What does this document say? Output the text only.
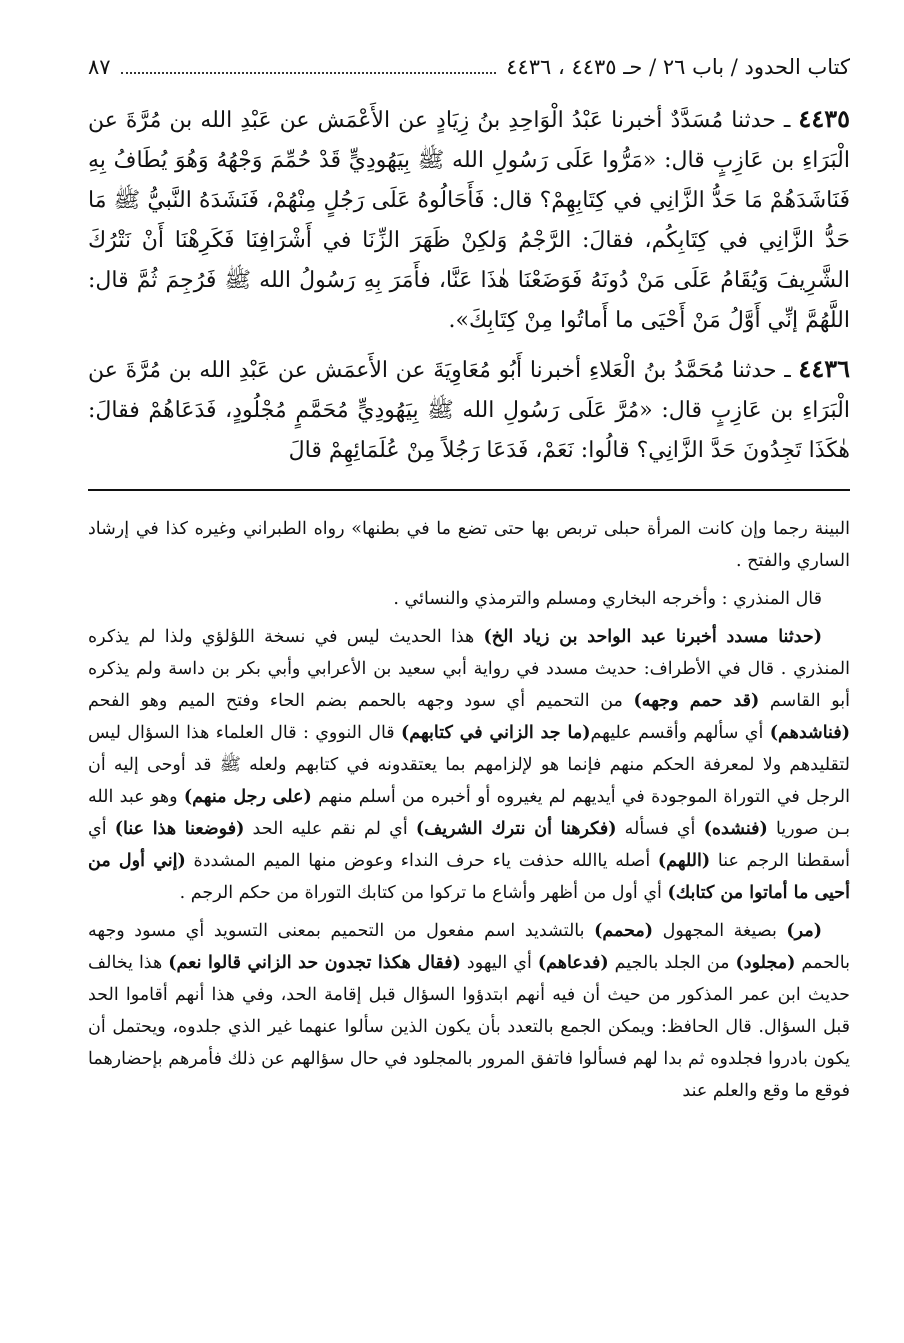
كتاب الحدود / باب ٢٦ / حـ ٤٤٣٥ ، ٤٤٣٦
٨٧

٤٤٣٥ ـ حدثنا مُسَدَّدٌ أخبرنا عَبْدُ الْوَاحِدِ بنُ زِيَادٍ عن الأَعْمَش عن عَبْدِ الله بن مُرَّةَ عن الْبَرَاءِ بن عَازِبٍ قال: «مَرُّوا عَلَى رَسُولِ الله ﷺ بِيَهُودِيٍّ قَدْ حُمِّمَ وَجْهُهُ وَهُوَ يُطَافُ بِهِ فَنَاشَدَهُمْ مَا حَدُّ الزَّانِي في كِتَابِهِمْ؟ قال: فَأَحَالُوهُ عَلَى رَجُلٍ مِنْهُمْ، فَنَشَدَهُ النَّبيُّ ﷺ مَا حَدُّ الزَّانِي في كِتَابِكُم، فقالَ: الرَّجْمُ وَلكِنْ ظَهَرَ الزِّنَا في أَشْرَافِنَا فَكَرِهْنَا أَنْ نَتْرُكَ الشَّرِيفَ وَيُقَامُ عَلَى مَنْ دُونَهُ فَوَضَعْنَا هٰذَا عَنَّا، فأَمَرَ بِهِ رَسُولُ الله ﷺ فَرُجِمَ ثُمَّ قال: اللَّهُمَّ إنِّي أَوَّلُ مَنْ أَحْيَى ما أَماتُوا مِنْ كِتَابِكَ».

٤٤٣٦ ـ حدثنا مُحَمَّدُ بنُ الْعَلاءِ أخبرنا أَبُو مُعَاوِيَةَ عن الأَعمَش عن عَبْدِ الله بن مُرَّةَ عن الْبَرَاءِ بن عَازِبٍ قال: «مُرَّ عَلَى رَسُولِ الله ﷺ بِيَهُودِيٍّ مُحَمَّمٍ مُجْلُودٍ، فَدَعَاهُمْ فقالَ: هٰكَذَا تَجِدُونَ حَدَّ الزَّانِي؟ قالُوا: نَعَمْ، فَدَعَا رَجُلاً مِنْ عُلَمَائِهِمْ قالَ

البينة رجما وإن كانت المرأة حبلى تربص بها حتى تضع ما في بطنها» رواه الطبراني وغيره كذا في إرشاد الساري والفتح .

قال المنذري : وأخرجه البخاري ومسلم والترمذي والنسائي .

(حدثنا مسدد أخبرنا عبد الواحد بن زياد الخ) هذا الحديث ليس في نسخة اللؤلؤي ولذا لم يذكره المنذري . قال في الأطراف: حديث مسدد في رواية أبي سعيد بن الأعرابي وأبي بكر بن داسة ولم يذكره أبو القاسم (قد حمم وجهه) من التحميم أي سود وجهه بالحمم بضم الحاء وفتح الميم وهو الفحم (فناشدهم) أي سألهم وأقسم عليهم(ما جد الزاني في كتابهم) قال النووي : قال العلماء هذا السؤال ليس لتقليدهم ولا لمعرفة الحكم منهم فإنما هو لإلزامهم بما يعتقدونه في كتابهم ولعله ﷺ قد أوحى إليه أن الرجل في التوراة الموجودة في أيديهم لم يغيروه أو أخبره من أسلم منهم (على رجل منهم) وهو عبد الله بـن صوريا (فنشده) أي فسأله (فكرهنا أن نترك الشريف) أي لم نقم عليه الحد (فوضعنا هذا عنا) أي أسقطنا الرجم عنا (اللهم) أصله ياالله حذفت ياء حرف النداء وعوض منها الميم المشددة (إني أول من أحيى ما أماتوا من كتابك) أي أول من أظهر وأشاع ما تركوا من كتابك التوراة من حكم الرجم .

(مر) بصيغة المجهول (محمم) بالتشديد اسم مفعول من التحميم بمعنى التسويد أي مسود وجهه بالحمم (مجلود) من الجلد بالجيم (فدعاهم) أي اليهود (فقال هكذا تجدون حد الزاني قالوا نعم) هذا يخالف حديث ابن عمر المذكور من حيث أن فيه أنهم ابتدؤوا السؤال قبل إقامة الحد، وفي هذا أنهم أقاموا الحد قبل السؤال. قال الحافظ: ويمكن الجمع بالتعدد بأن يكون الذين سألوا عنهما غير الذي جلدوه، ويحتمل أن يكون بادروا فجلدوه ثم بدا لهم فسألوا فاتفق المرور بالمجلود في حال سؤالهم عن ذلك فأمرهم بإحضارهما فوقع ما وقع والعلم عند
